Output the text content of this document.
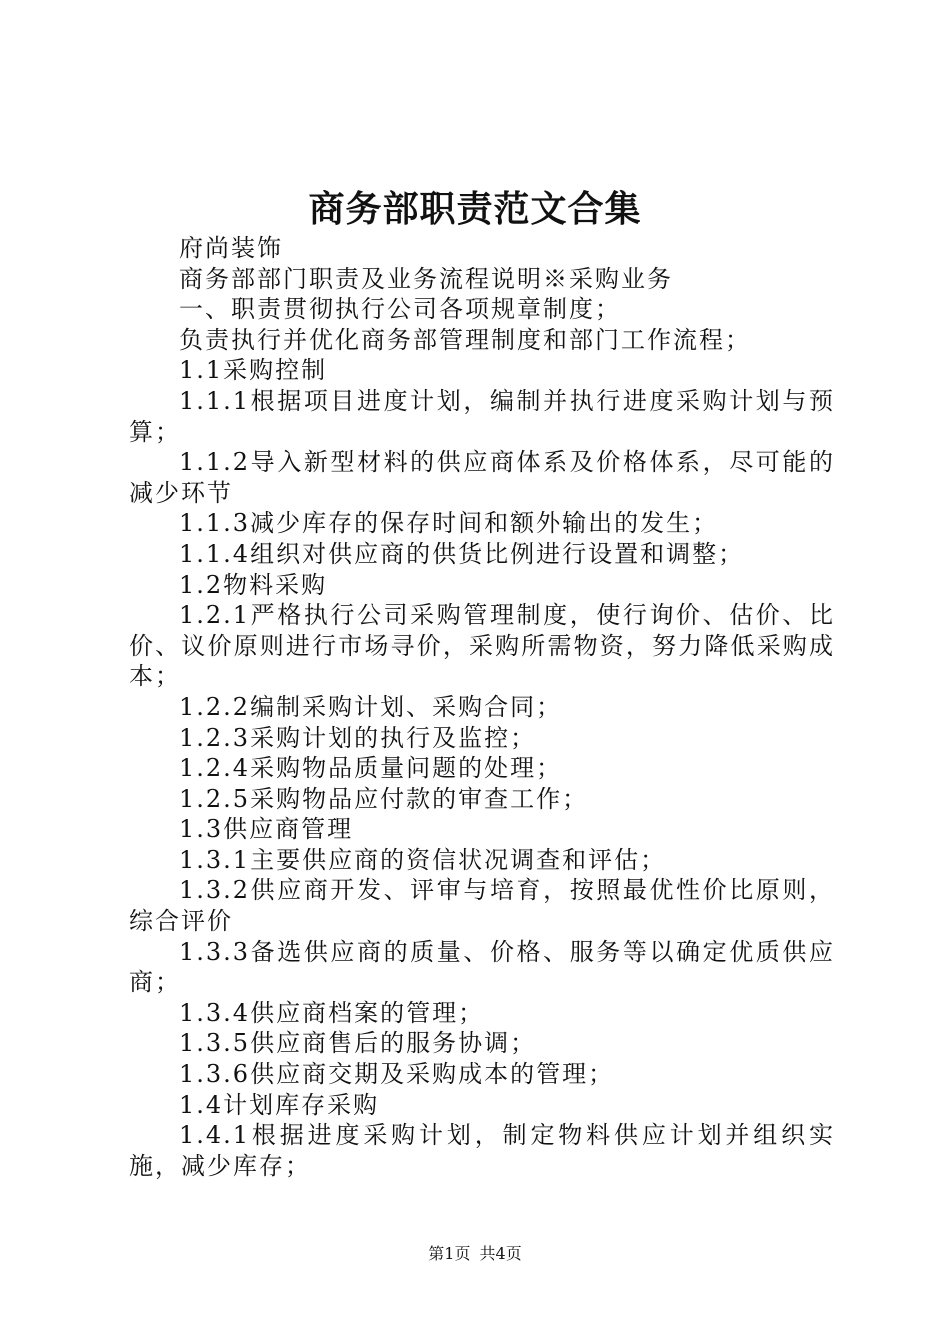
商务部职责范文合集

府尚装饰

商务部部门职责及业务流程说明※采购业务

一、职责贯彻执行公司各项规章制度；

负责执行并优化商务部管理制度和部门工作流程；

1.1采购控制

1.1.1根据项目进度计划，编制并执行进度采购计划与预算；

1.1.2导入新型材料的供应商体系及价格体系，尽可能的减少环节

1.1.3减少库存的保存时间和额外输出的发生；

1.1.4组织对供应商的供货比例进行设置和调整；

1.2物料采购

1.2.1严格执行公司采购管理制度，使行询价、估价、比价、议价原则进行市场寻价，采购所需物资，努力降低采购成本；

1.2.2编制采购计划、采购合同；

1.2.3采购计划的执行及监控；

1.2.4采购物品质量问题的处理；

1.2.5采购物品应付款的审查工作；

1.3供应商管理

1.3.1主要供应商的资信状况调查和评估；

1.3.2供应商开发、评审与培育，按照最优性价比原则，综合评价

1.3.3备选供应商的质量、价格、服务等以确定优质供应商；

1.3.4供应商档案的管理；

1.3.5供应商售后的服务协调；

1.3.6供应商交期及采购成本的管理；

1.4计划库存采购

1.4.1根据进度采购计划，制定物料供应计划并组织实施，减少库存；

第1页 共4页
